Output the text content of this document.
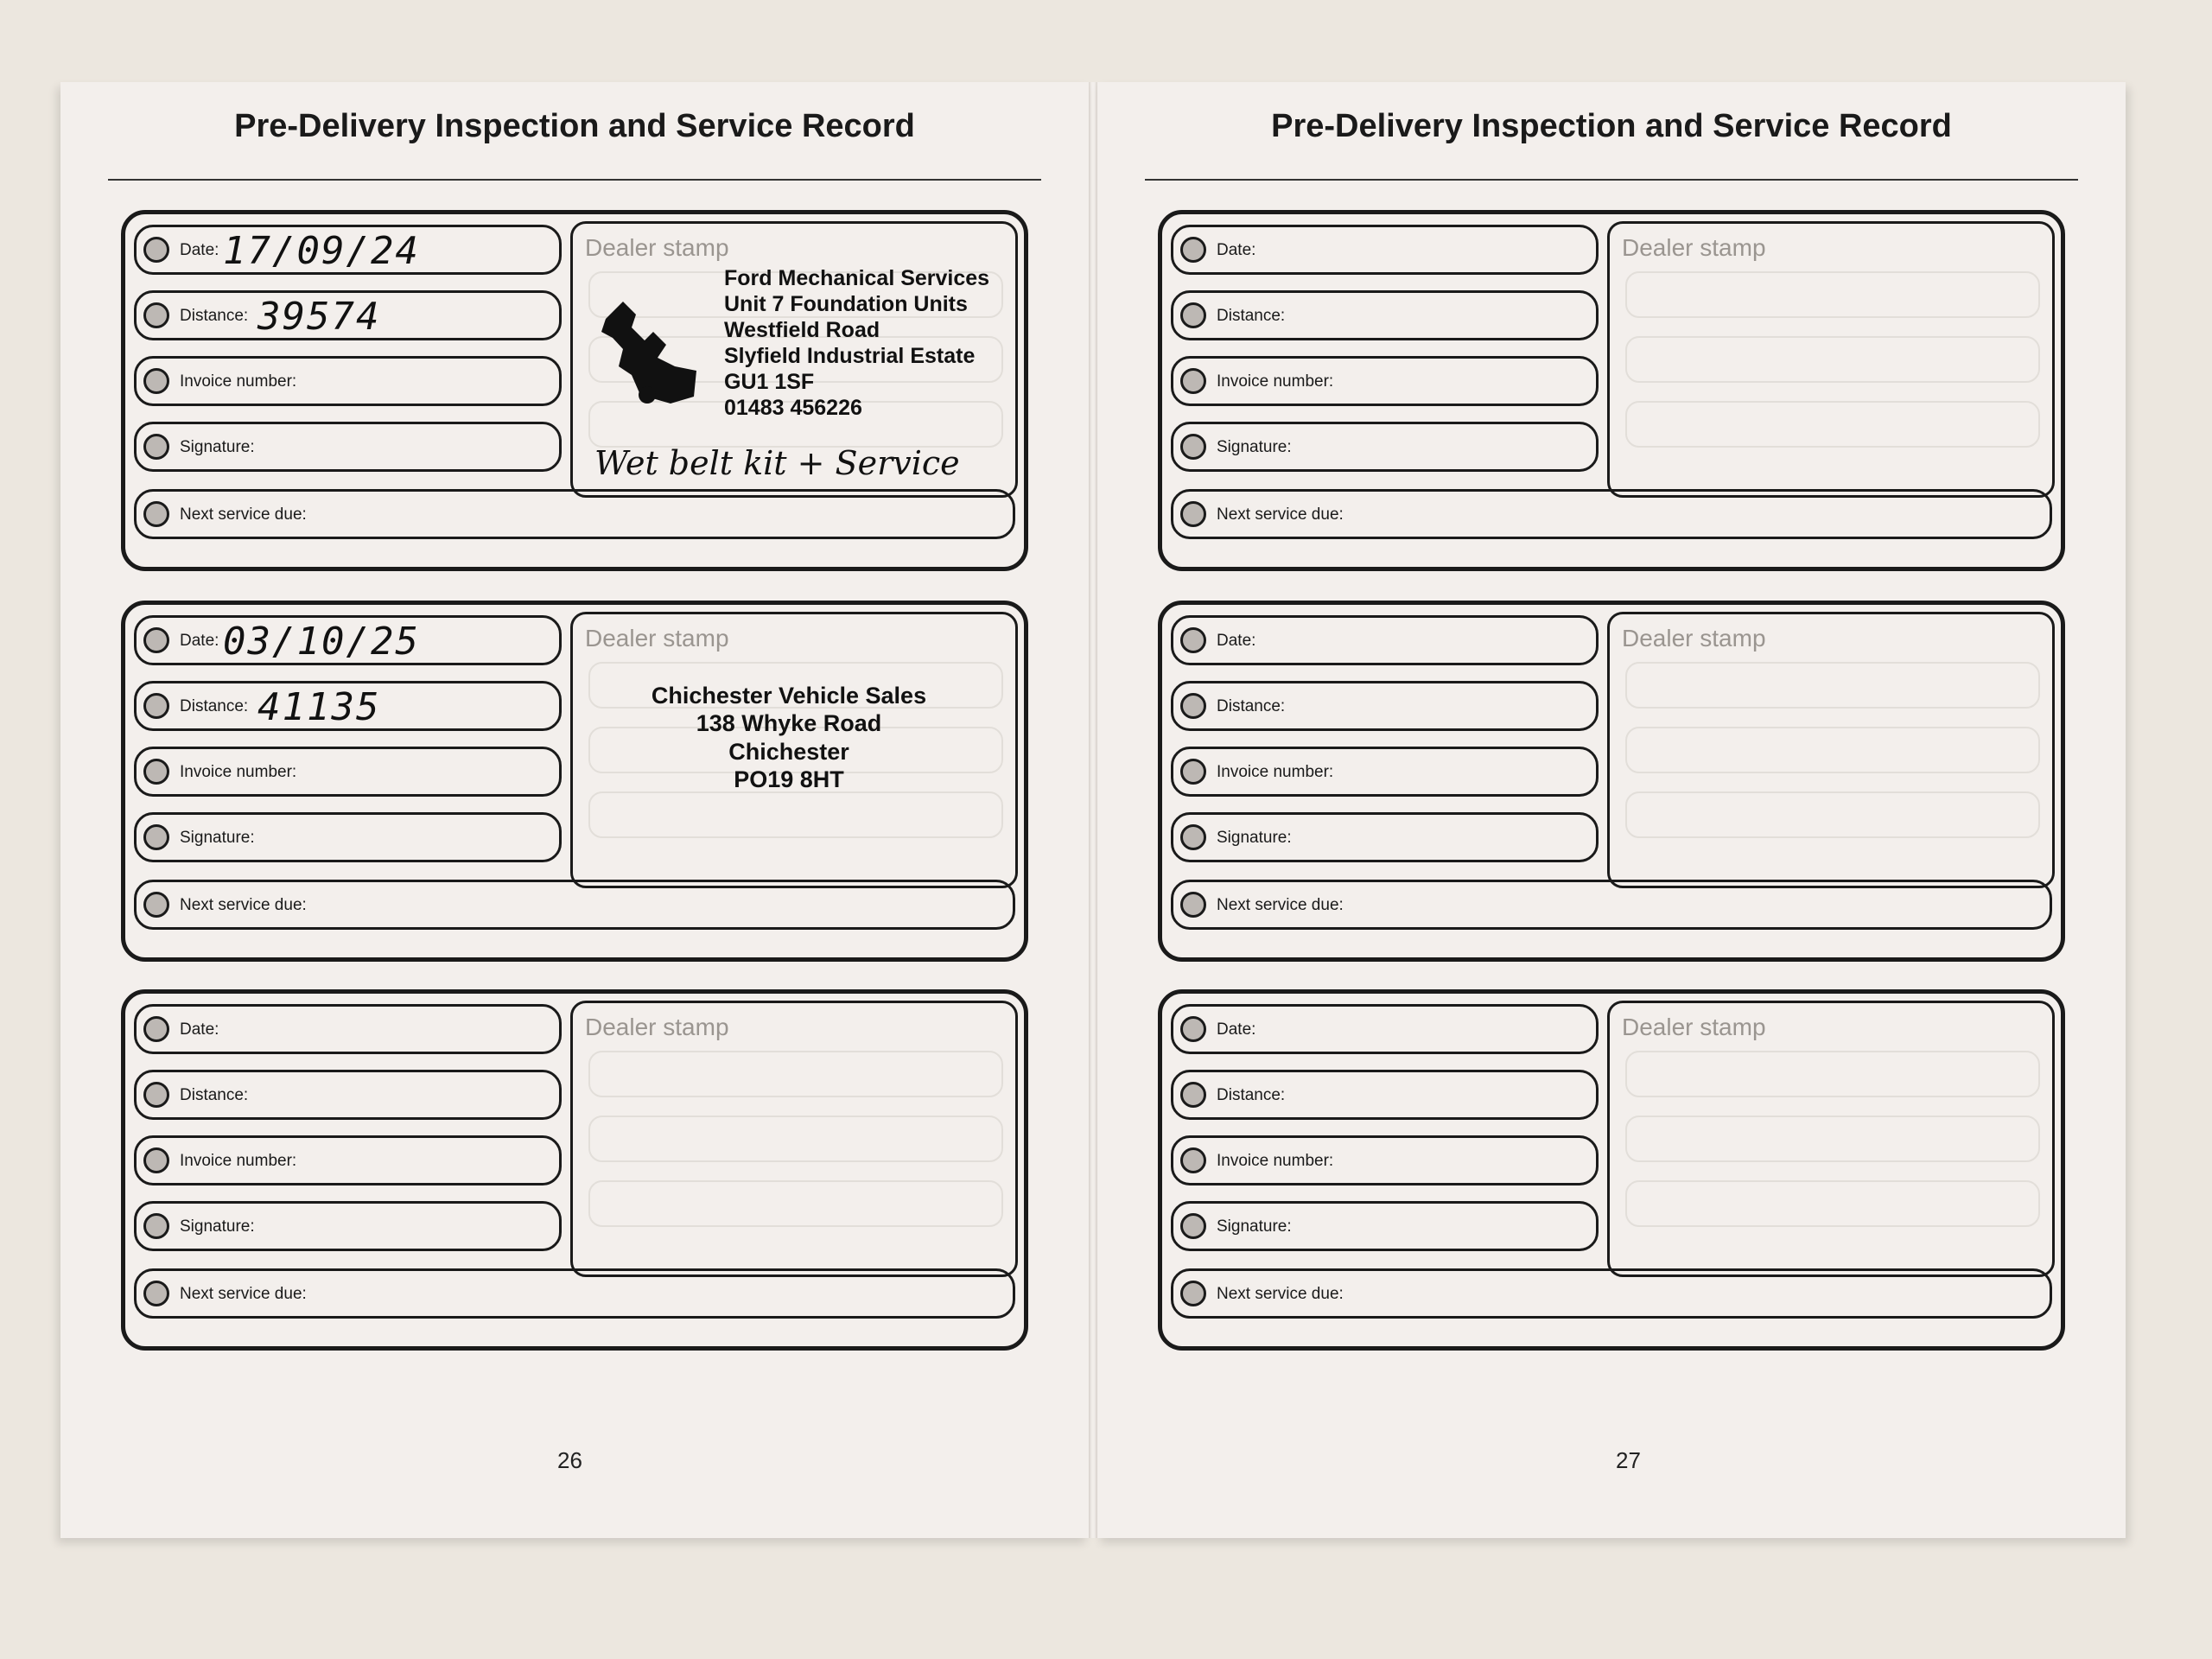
Pre-Delivery Inspection and Service Record
Date: 17/09/24
Distance: 39574
Invoice number:
Signature:
Next service due:
Dealer stamp
Ford Mechanical Services
Unit 7 Foundation Units
Westfield Road
Slyfield Industrial Estate
GU1 1SF
01483 456226
Wet belt kit + Service
Date: 03/10/25
Distance: 41135
Invoice number:
Signature:
Next service due:
Dealer stamp
Chichester Vehicle Sales
138 Whyke Road
Chichester
PO19 8HT
Date:
Distance:
Invoice number:
Signature:
Next service due:
Dealer stamp
26
Pre-Delivery Inspection and Service Record
Date:
Distance:
Invoice number:
Signature:
Next service due:
Dealer stamp
Date:
Distance:
Invoice number:
Signature:
Next service due:
Dealer stamp
Date:
Distance:
Invoice number:
Signature:
Next service due:
Dealer stamp
27
